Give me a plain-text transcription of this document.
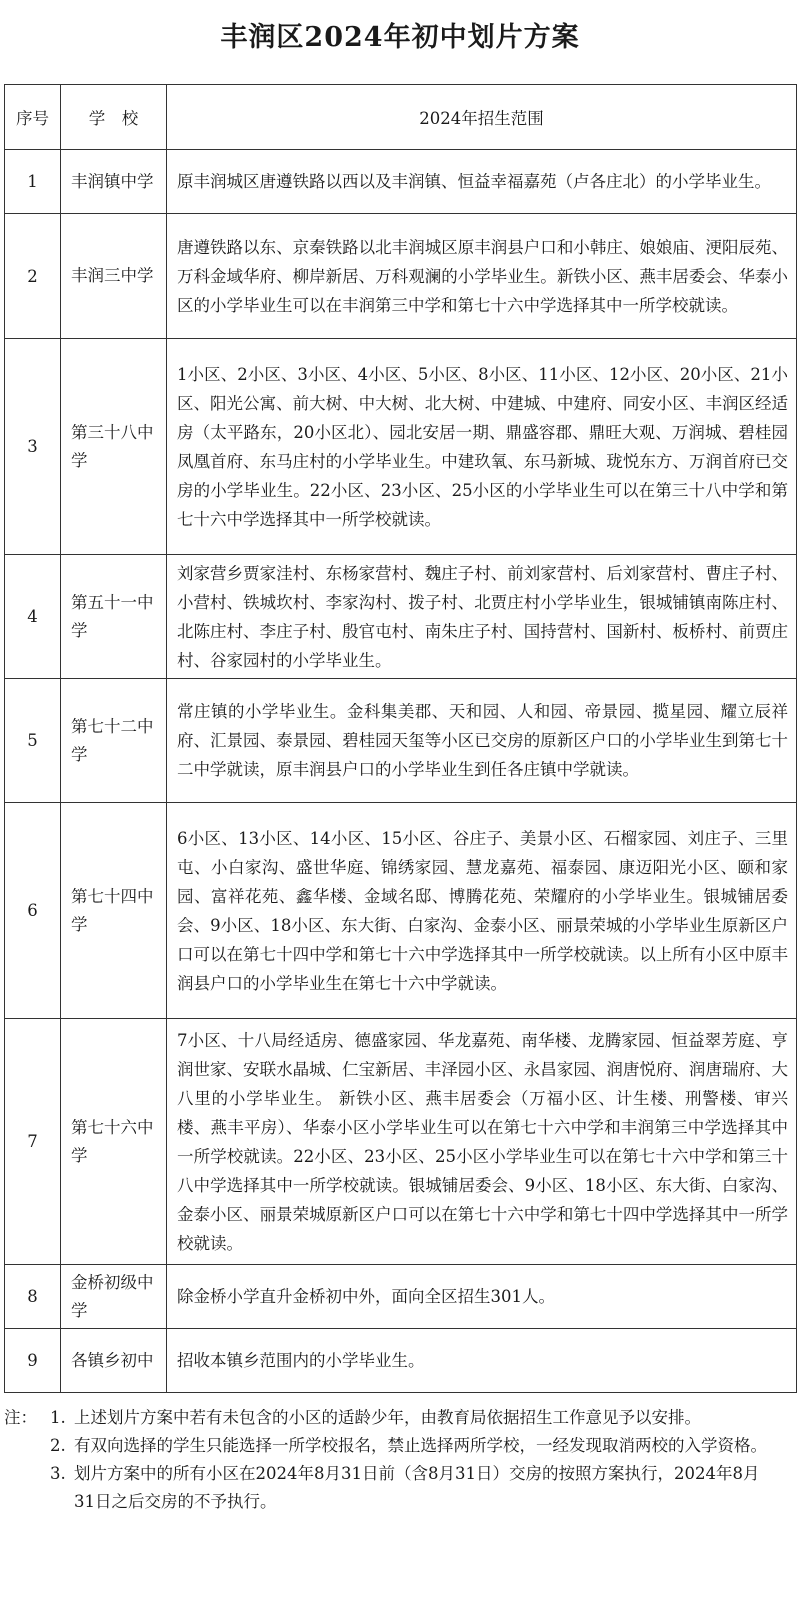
丰润区2024年初中划片方案
序号	学　校	2024年招生范围
1	丰润镇中学	原丰润城区唐遵铁路以西以及丰润镇、恒益幸福嘉苑（卢各庄北）的小学毕业生。
2	丰润三中学	唐遵铁路以东、京秦铁路以北丰润城区原丰润县户口和小韩庄、娘娘庙、浭阳辰苑、万科金域华府、柳岸新居、万科观澜的小学毕业生。新铁小区、燕丰居委会、华泰小区的小学毕业生可以在丰润第三中学和第七十六中学选择其中一所学校就读。
3	第三十八中学	1小区、2小区、3小区、4小区、5小区、8小区、11小区、12小区、20小区、21小区、阳光公寓、前大树、中大树、北大树、中建城、中建府、同安小区、丰润区经适房（太平路东，20小区北）、园北安居一期、鼎盛容郡、鼎旺大观、万润城、碧桂园凤凰首府、东马庄村的小学毕业生。中建玖氧、东马新城、珑悦东方、万润首府已交房的小学毕业生。22小区、23小区、25小区的小学毕业生可以在第三十八中学和第七十六中学选择其中一所学校就读。
4	第五十一中学	刘家营乡贾家洼村、东杨家营村、魏庄子村、前刘家营村、后刘家营村、曹庄子村、小营村、铁城坎村、李家沟村、拨子村、北贾庄村小学毕业生，银城铺镇南陈庄村、北陈庄村、李庄子村、殷官屯村、南朱庄子村、国持营村、国新村、板桥村、前贾庄村、谷家园村的小学毕业生。
5	第七十二中学	常庄镇的小学毕业生。金科集美郡、天和园、人和园、帝景园、揽星园、耀立辰祥府、汇景园、泰景园、碧桂园天玺等小区已交房的原新区户口的小学毕业生到第七十二中学就读，原丰润县户口的小学毕业生到任各庄镇中学就读。
6	第七十四中学	6小区、13小区、14小区、15小区、谷庄子、美景小区、石榴家园、刘庄子、三里屯、小白家沟、盛世华庭、锦绣家园、慧龙嘉苑、福泰园、康迈阳光小区、颐和家园、富祥花苑、鑫华楼、金域名邸、博腾花苑、荣耀府的小学毕业生。银城铺居委会、9小区、18小区、东大街、白家沟、金泰小区、丽景荣城的小学毕业生原新区户口可以在第七十四中学和第七十六中学选择其中一所学校就读。以上所有小区中原丰润县户口的小学毕业生在第七十六中学就读。
7	第七十六中学	7小区、十八局经适房、德盛家园、华龙嘉苑、南华楼、龙腾家园、恒益翠芳庭、亨润世家、安联水晶城、仁宝新居、丰泽园小区、永昌家园、润唐悦府、润唐瑞府、大八里的小学毕业生。 新铁小区、燕丰居委会（万福小区、计生楼、刑警楼、审兴楼、燕丰平房）、华泰小区小学毕业生可以在第七十六中学和丰润第三中学选择其中一所学校就读。22小区、23小区、25小区小学毕业生可以在第七十六中学和第三十八中学选择其中一所学校就读。银城铺居委会、9小区、18小区、东大街、白家沟、金泰小区、丽景荣城原新区户口可以在第七十六中学和第七十四中学选择其中一所学校就读。
8	金桥初级中学	除金桥小学直升金桥初中外，面向全区招生301人。
9	各镇乡初中	招收本镇乡范围内的小学毕业生。
注： 1. 上述划片方案中若有未包含的小区的适龄少年，由教育局依据招生工作意见予以安排。
2. 有双向选择的学生只能选择一所学校报名，禁止选择两所学校，一经发现取消两校的入学资格。
3. 划片方案中的所有小区在2024年8月31日前（含8月31日）交房的按照方案执行，2024年8月31日之后交房的不予执行。
